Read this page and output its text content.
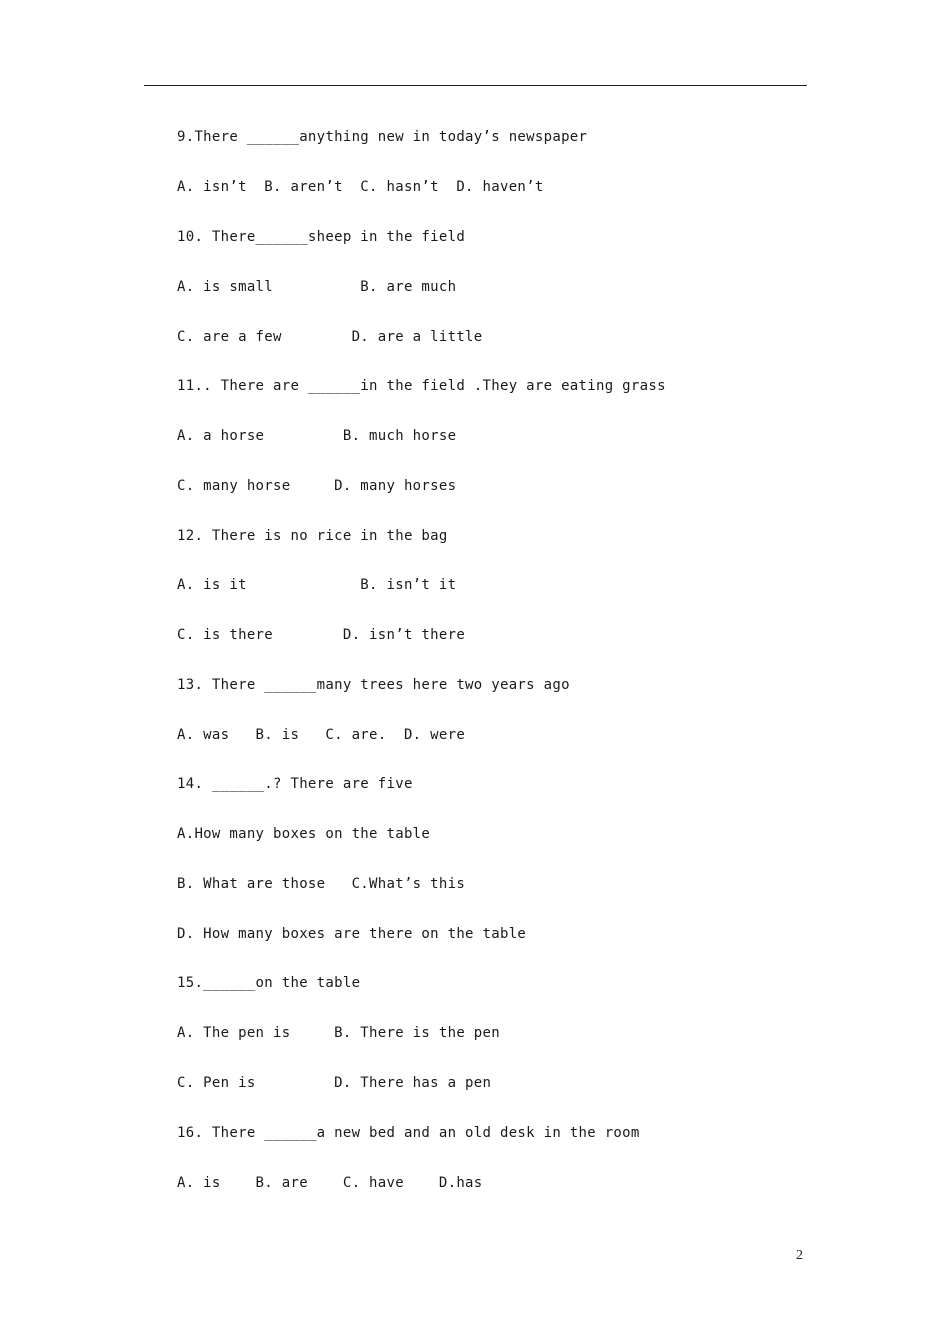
9.There ______anything new in today’s newspaper
A. isn’t  B. aren’t  C. hasn’t  D. haven’t
10. There______sheep in the field
A. is small          B. are much
C. are a few        D. are a little
11.. There are ______in the field .They are eating grass
A. a horse         B. much horse
C. many horse     D. many horses
12. There is no rice in the bag
A. is it             B. isn’t it
C. is there        D. isn’t there
13. There ______many trees here two years ago
A. was   B. is   C. are.  D. were
14. ______.? There are five
A.How many boxes on the table
B. What are those   C.What’s this
D. How many boxes are there on the table
15.______on the table
A. The pen is     B. There is the pen
C. Pen is         D. There has a pen
16. There ______a new bed and an old desk in the room
A. is    B. are    C. have    D.has
2
